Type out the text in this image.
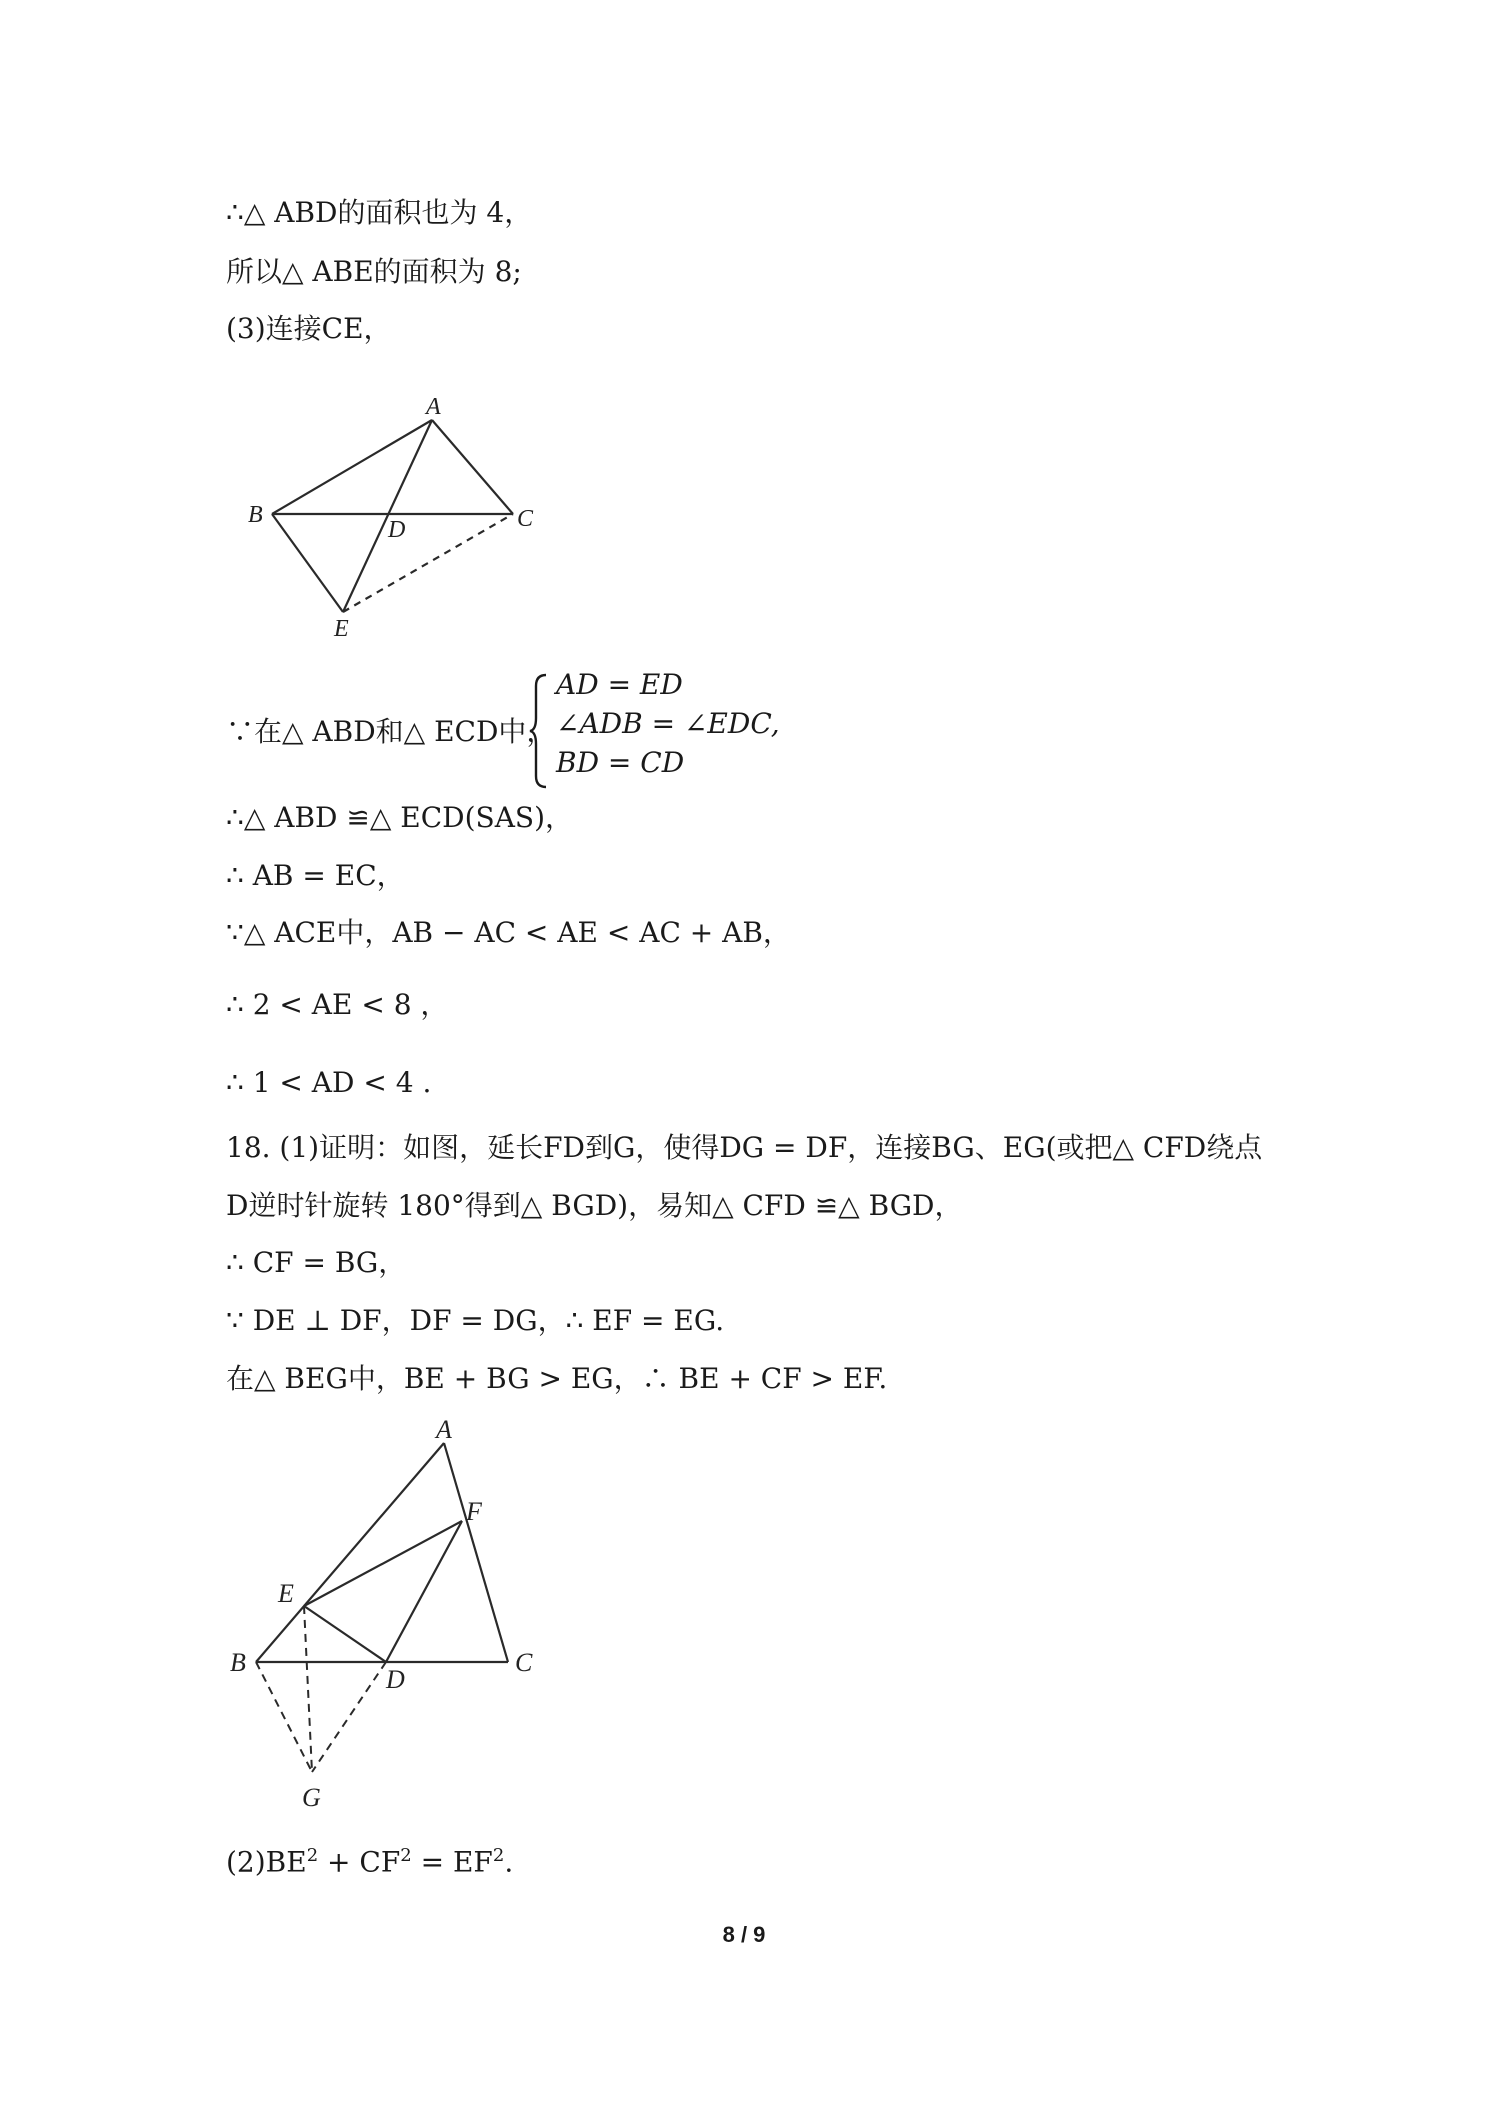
∴△ ABD的面积也为 4，
所以△ ABE的面积为 8;
(3)连接CE，
A
B	C
D
E
∵在△ ABD和△ ECD中，
AD = ED
∠ADB = ∠EDC,
BD = CD
∴△ ABD ≌△ ECD(SAS)，
∴ AB = EC，
∵△ ACE中，AB − AC < AE < AC + AB，
∴ 2 < AE < 8 ，
∴ 1 < AD < 4 .
18. (1)证明：如图，延长FD到G，使得DG = DF，连接BG、EG(或把△ CFD绕点
D逆时针旋转 180°得到△ BGD)，易知△ CFD ≌△ BGD，
∴ CF = BG，
∵ DE ⊥ DF，DF = DG，∴ EF = EG.
在△ BEG中，BE + BG > EG，∴ BE + CF > EF.
A
F
E
B
D
C
G
$(2)BE^2 + CF^2 = EF^2$.
8 / 9
